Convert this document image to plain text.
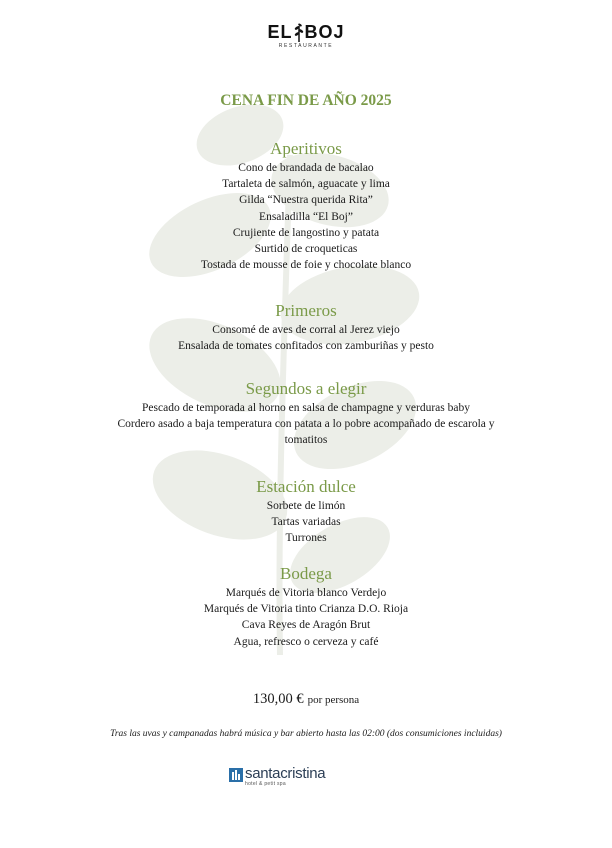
EL BOJ
RESTAURANTE
CENA FIN DE AÑO 2025
Aperitivos
Cono de brandada de bacalao
Tartaleta de salmón, aguacate y lima
Gilda “Nuestra querida Rita”
Ensaladilla “El Boj”
Crujiente de langostino y patata
Surtido de croqueticas
Tostada de mousse de foie y chocolate blanco
Primeros
Consomé de aves de corral al Jerez viejo
Ensalada de tomates confitados con zamburiñas y pesto
Segundos a elegir
Pescado de temporada al horno en salsa de champagne y verduras baby
Cordero asado a baja temperatura con patata a lo pobre acompañado de escarola y
tomatitos
Estación dulce
Sorbete de limón
Tartas variadas
Turrones
Bodega
Marqués de Vitoria blanco Verdejo
Marqués de Vitoria tinto Crianza D.O. Rioja
Cava Reyes de Aragón Brut
Agua, refresco o cerveza y café
130,00 € por persona
Tras las uvas y campanadas habrá música y bar abierto hasta las 02:00 (dos consumiciones incluidas)
santacristina
hotel & petit spa
